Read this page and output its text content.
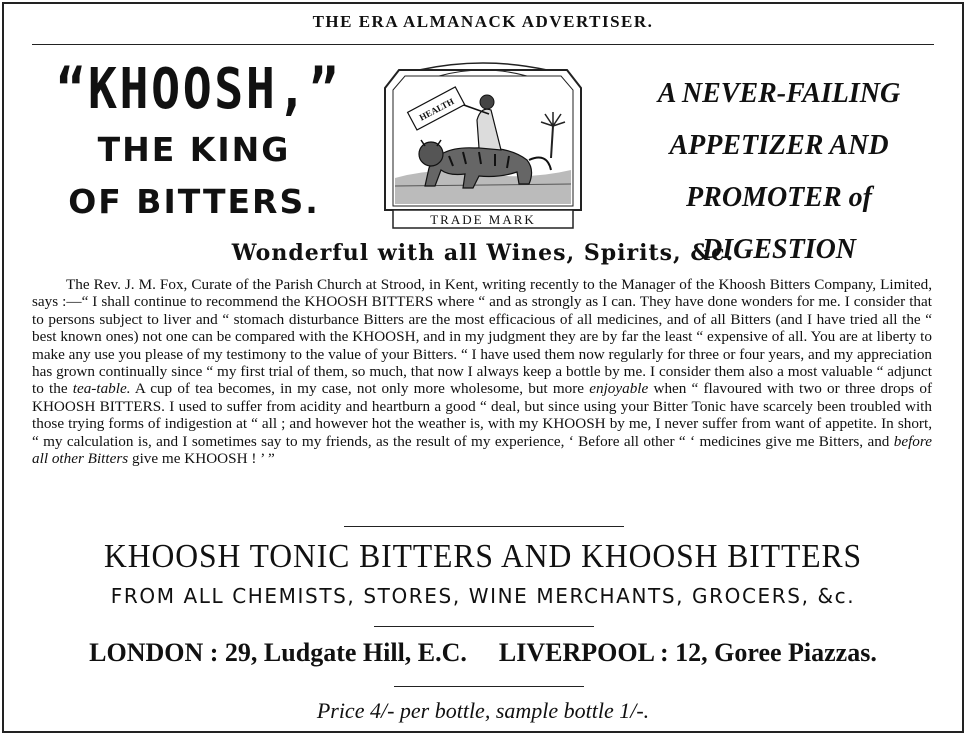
THE ERA ALMANACK ADVERTISER.
“KHOOSH,”
THE KING
OF BITTERS.
HEALTH
TRADE MARK
A NEVER-FAILING
APPETIZER AND
PROMOTER of DIGESTION
Wonderful with all Wines, Spirits, &c.

The Rev. J. M. Fox, Curate of the Parish Church at Strood, in Kent, writing recently to the Manager of the Khoosh Bitters Company, Limited, says :—“ I shall continue to recommend the KHOOSH BITTERS where “ and as strongly as I can. They have done wonders for me. I consider that to persons subject to liver and “ stomach disturbance Bitters are the most efficacious of all medicines, and of all Bitters (and I have tried all the “ best known ones) not one can be compared with the KHOOSH, and in my judgment they are by far the least “ expensive of all. You are at liberty to make any use you please of my testimony to the value of your Bitters. “ I have used them now regularly for three or four years, and my appreciation has grown continually since “ my first trial of them, so much, that now I always keep a bottle by me. I consider them also a most valuable “ adjunct to the tea-table. A cup of tea becomes, in my case, not only more wholesome, but more enjoyable when “ flavoured with two or three drops of KHOOSH BITTERS. I used to suffer from acidity and heartburn a good “ deal, but since using your Bitter Tonic have scarcely been troubled with those trying forms of indigestion at “ all ; and however hot the weather is, with my KHOOSH by me, I never suffer from want of appetite. In short, “ my calculation is, and I sometimes say to my friends, as the result of my experience, ‘ Before all other “ ‘ medicines give me Bitters, and before all other Bitters give me KHOOSH ! ’ ”

KHOOSH TONIC BITTERS AND KHOOSH BITTERS
FROM ALL CHEMISTS, STORES, WINE MERCHANTS, GROCERS, &c.
LONDON : 29, Ludgate Hill, E.C. LIVERPOOL : 12, Goree Piazzas.
Price 4/- per bottle, sample bottle 1/-.
